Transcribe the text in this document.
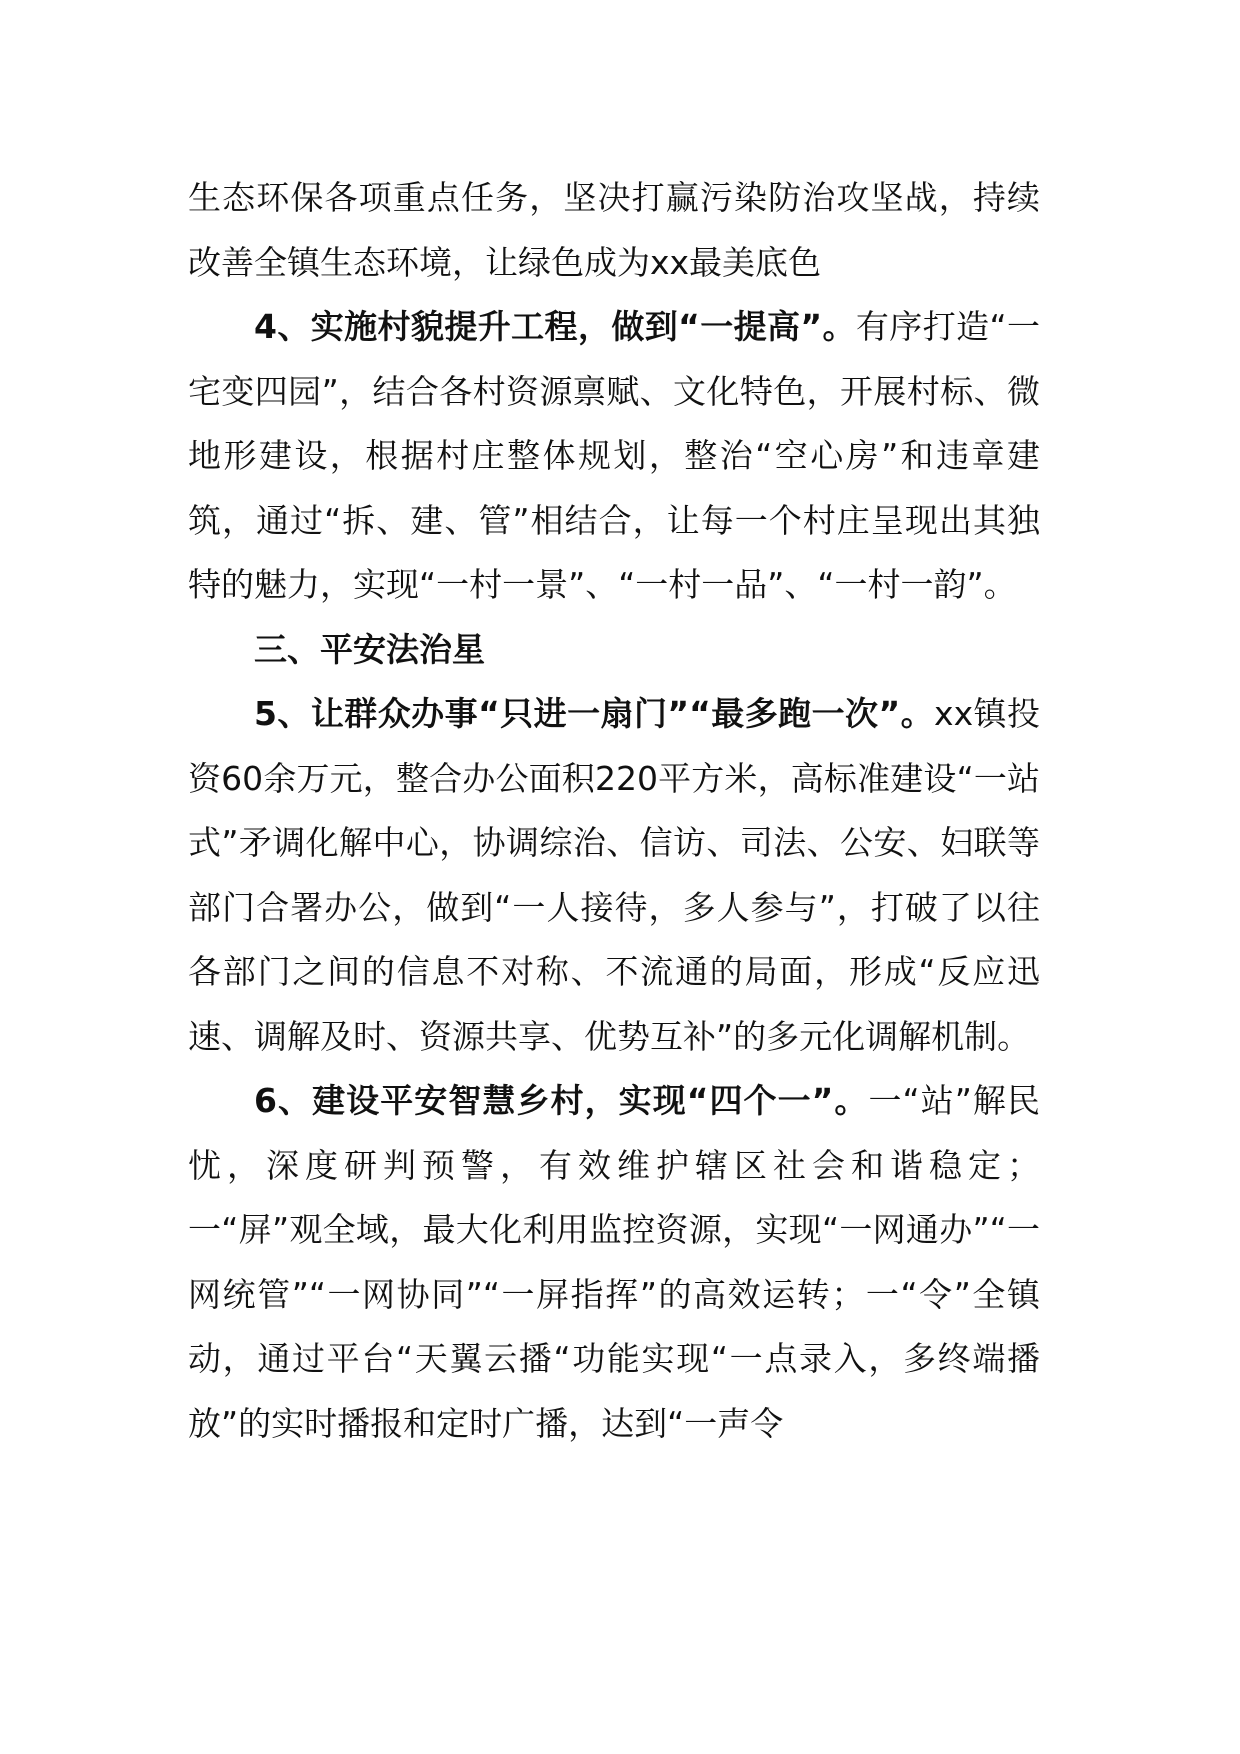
生态环保各项重点任务，坚决打赢污染防治攻坚战，持续改善全镇生态环境，让绿色成为xx最美底色

4、实施村貌提升工程，做到“一提高”。有序打造“一宅变四园”，结合各村资源禀赋、文化特色，开展村标、微地形建设，根据村庄整体规划，整治“空心房”和违章建筑，通过“拆、建、管”相结合，让每一个村庄呈现出其独特的魅力，实现“一村一景”、“一村一品”、“一村一韵”。

三、平安法治星

5、让群众办事“只进一扇门”“最多跑一次”。xx镇投资60余万元，整合办公面积220平方米，高标准建设“一站式”矛调化解中心，协调综治、信访、司法、公安、妇联等部门合署办公，做到“一人接待，多人参与”，打破了以往各部门之间的信息不对称、不流通的局面，形成“反应迅速、调解及时、资源共享、优势互补”的多元化调解机制。

6、建设平安智慧乡村，实现“四个一”。一“站”解民忧，深度研判预警，有效维护辖区社会和谐稳定；一“屏”观全域，最大化利用监控资源，实现“一网通办”“一网统管”“一网协同”“一屏指挥”的高效运转；一“令”全镇动，通过平台“天翼云播“功能实现“一点录入，多终端播放”的实时播报和定时广播，达到“一声令
